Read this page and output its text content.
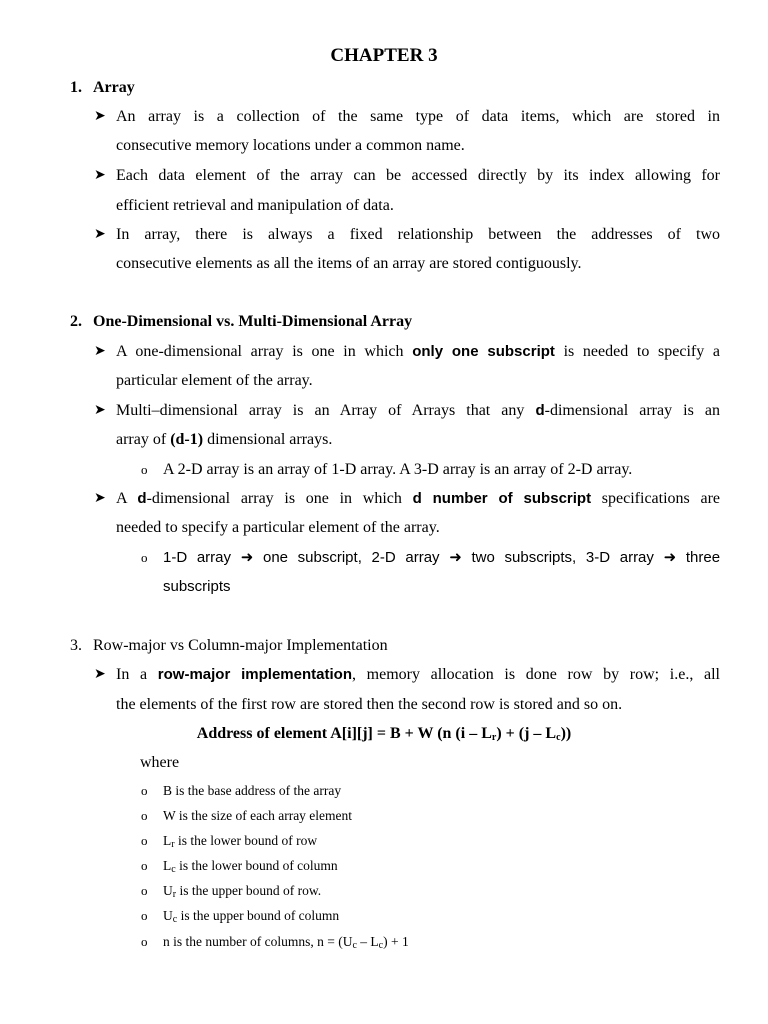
CHAPTER 3
1. Array
➤ An array is a collection of the same type of data items, which are stored in
consecutive memory locations under a common name.
➤ Each data element of the array can be accessed directly by its index allowing for
efficient retrieval and manipulation of data.
➤ In array, there is always a fixed relationship between the addresses of two
consecutive elements as all the items of an array are stored contiguously.
2. One-Dimensional vs. Multi-Dimensional Array
➤ A one-dimensional array is one in which only one subscript is needed to specify a
particular element of the array.
➤ Multi–dimensional array is an Array of Arrays that any d-dimensional array is an
array of (d-1) dimensional arrays.
o A 2-D array is an array of 1-D array. A 3-D array is an array of 2-D array.
➤ A d-dimensional array is one in which d number of subscript specifications are
needed to specify a particular element of the array.
o 1-D array ➜ one subscript, 2-D array ➜ two subscripts, 3-D array ➜ three
subscripts
3. Row-major vs Column-major Implementation
➤ In a row-major implementation, memory allocation is done row by row; i.e., all
the elements of the first row are stored then the second row is stored and so on.
Address of element A[i][j] = B + W (n $(i - L_r) + (j - L_c)$)
where
o B is the base address of the array
o W is the size of each array element
o $L_r$ is the lower bound of row
o $L_c$ is the lower bound of column
o $U_r$ is the upper bound of row.
o $U_c$ is the upper bound of column
o n is the number of columns, $n = (U_c - L_c) + 1$
